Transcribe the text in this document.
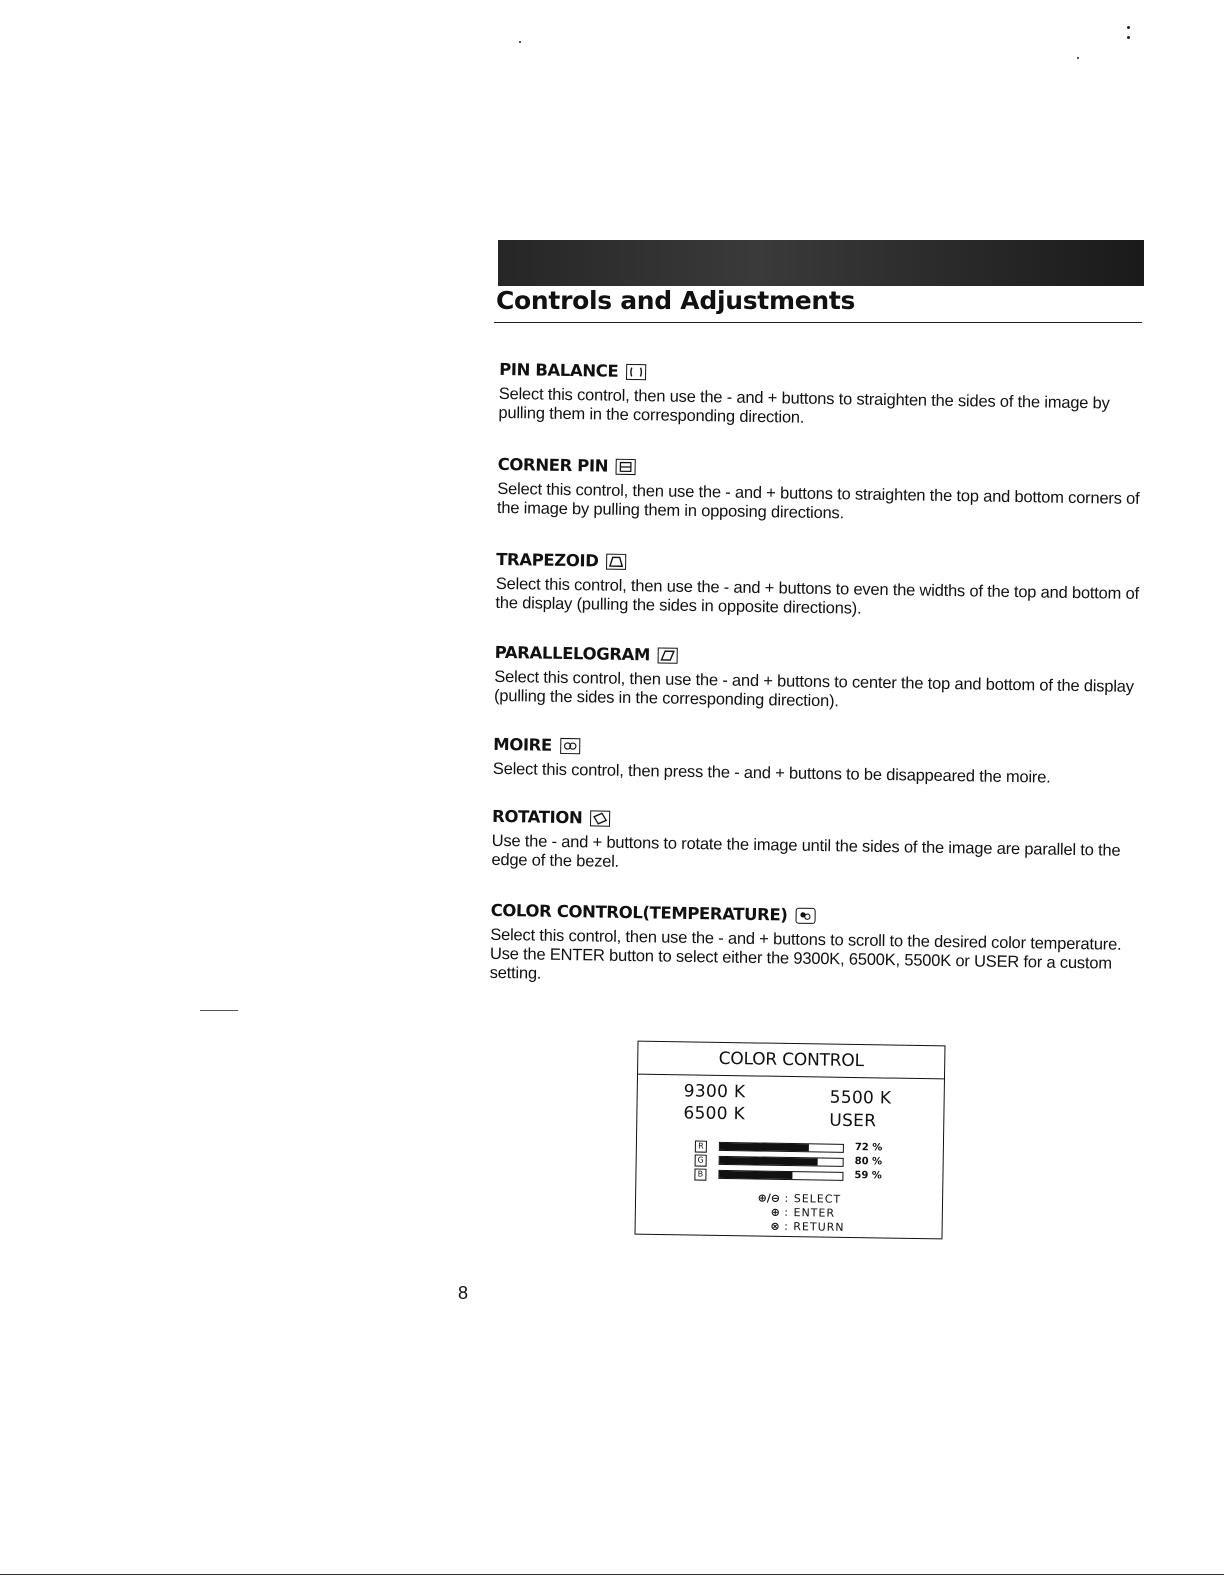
Controls and Adjustments
PIN BALANCE

Select this control, then use the - and + buttons to straighten the sides of the image by pulling them in the corresponding direction.

CORNER PIN

Select this control, then use the - and + buttons to straighten the top and bottom corners of the image by pulling them in opposing directions.

TRAPEZOID

Select this control, then use the - and + buttons to even the widths of the top and bottom of the display (pulling the sides in opposite directions).

PARALLELOGRAM

Select this control, then use the - and + buttons to center the top and bottom of the display (pulling the sides in the corresponding direction).

MOIRE

Select this control, then press the - and + buttons to be disappeared the moire.

ROTATION

Use the - and + buttons to rotate the image until the sides of the image are parallel to the edge of the bezel.

COLOR CONTROL(TEMPERATURE)

Select this control, then use the - and + buttons to scroll to the desired color temperature. Use the ENTER button to select either the 9300K, 6500K, 5500K or USER for a custom setting.

COLOR CONTROL
9300 K	5500 K
6500 K	USER
R	72 %
G	80 %
B	59 %
⊕/⊖ : SELECT
⊕ : ENTER
⊗ : RETURN
8
